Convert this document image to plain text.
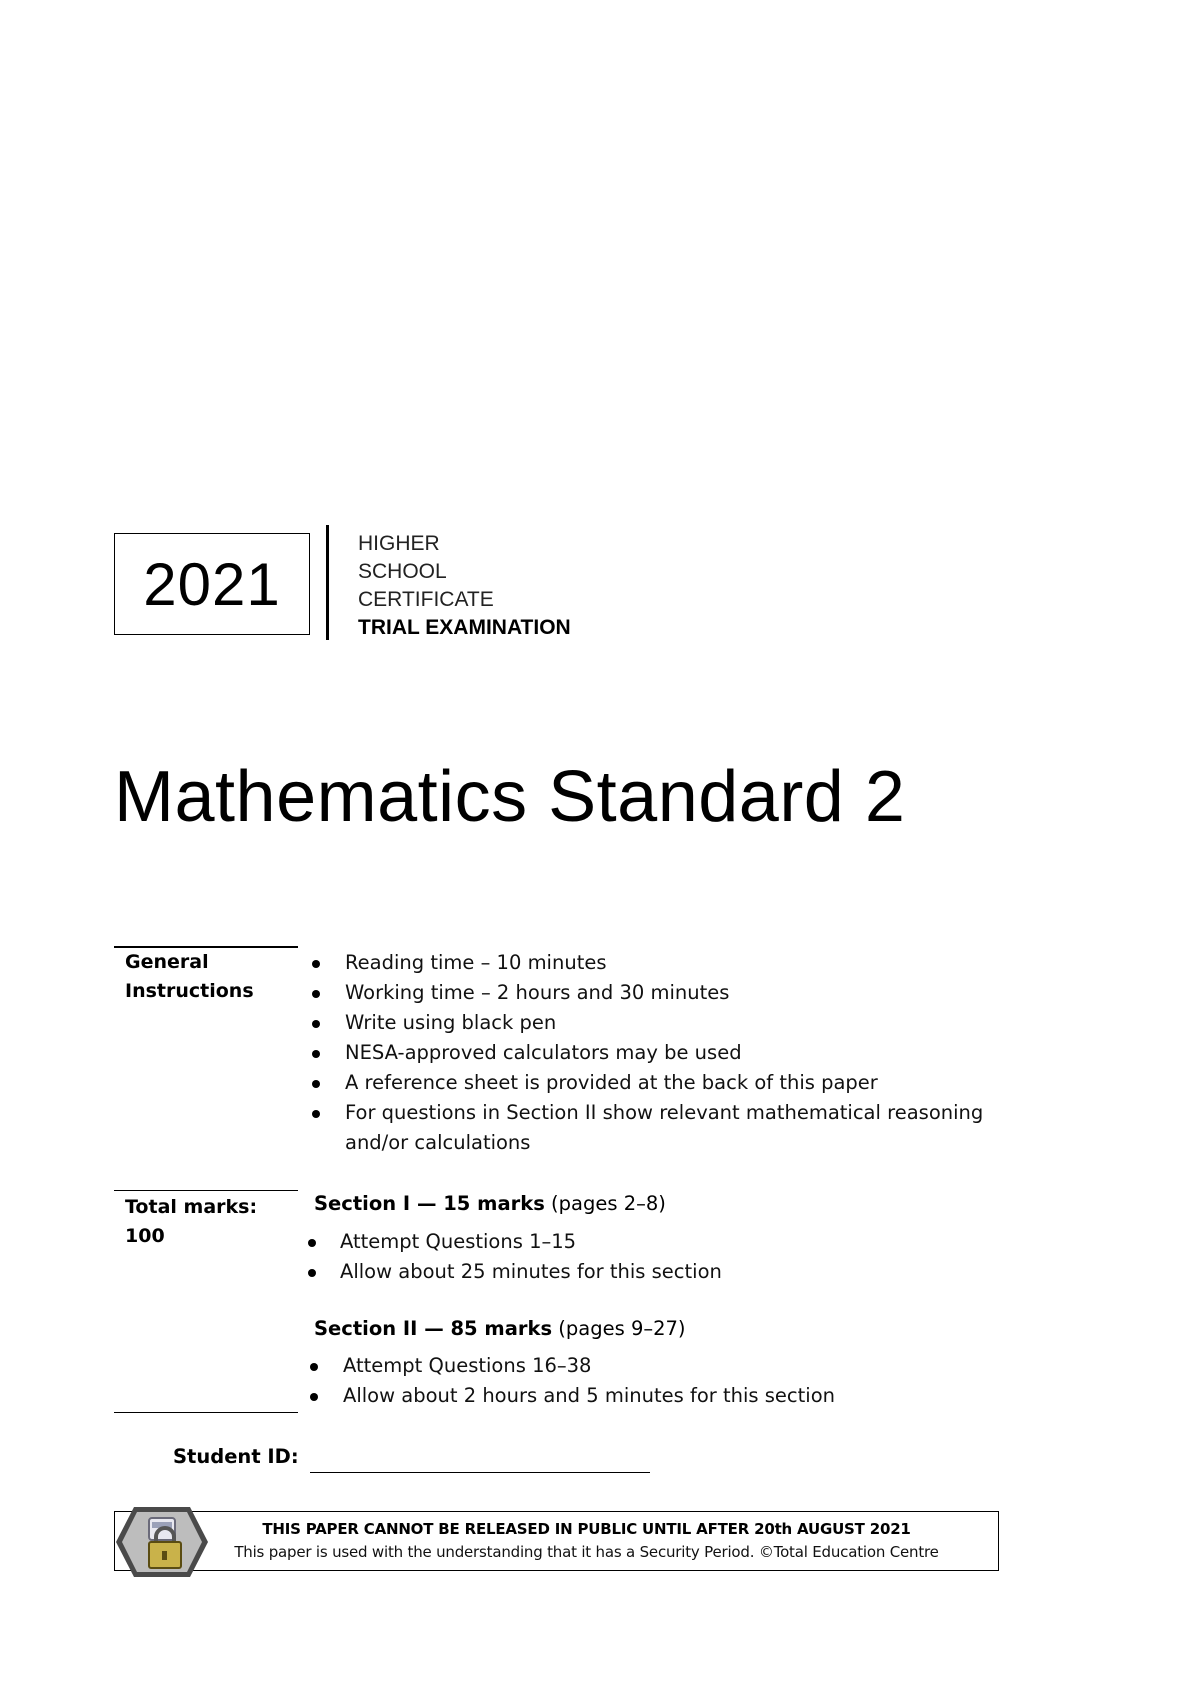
2021
HIGHER
SCHOOL
CERTIFICATE
TRIAL EXAMINATION
Mathematics Standard 2
General
Instructions
Reading time – 10 minutes
Working time – 2 hours and 30 minutes
Write using black pen
NESA-approved calculators may be used
A reference sheet is provided at the back of this paper
For questions in Section II show relevant mathematical reasoning
and/or calculations
Total marks:
100
Section I — 15 marks (pages 2–8)
Attempt Questions 1–15
Allow about 25 minutes for this section
Section II — 85 marks (pages 9–27)
Attempt Questions 16–38
Allow about 2 hours and 5 minutes for this section
Student ID:
THIS PAPER CANNOT BE RELEASED IN PUBLIC UNTIL AFTER 20th AUGUST 2021
This paper is used with the understanding that it has a Security Period. ©Total Education Centre
